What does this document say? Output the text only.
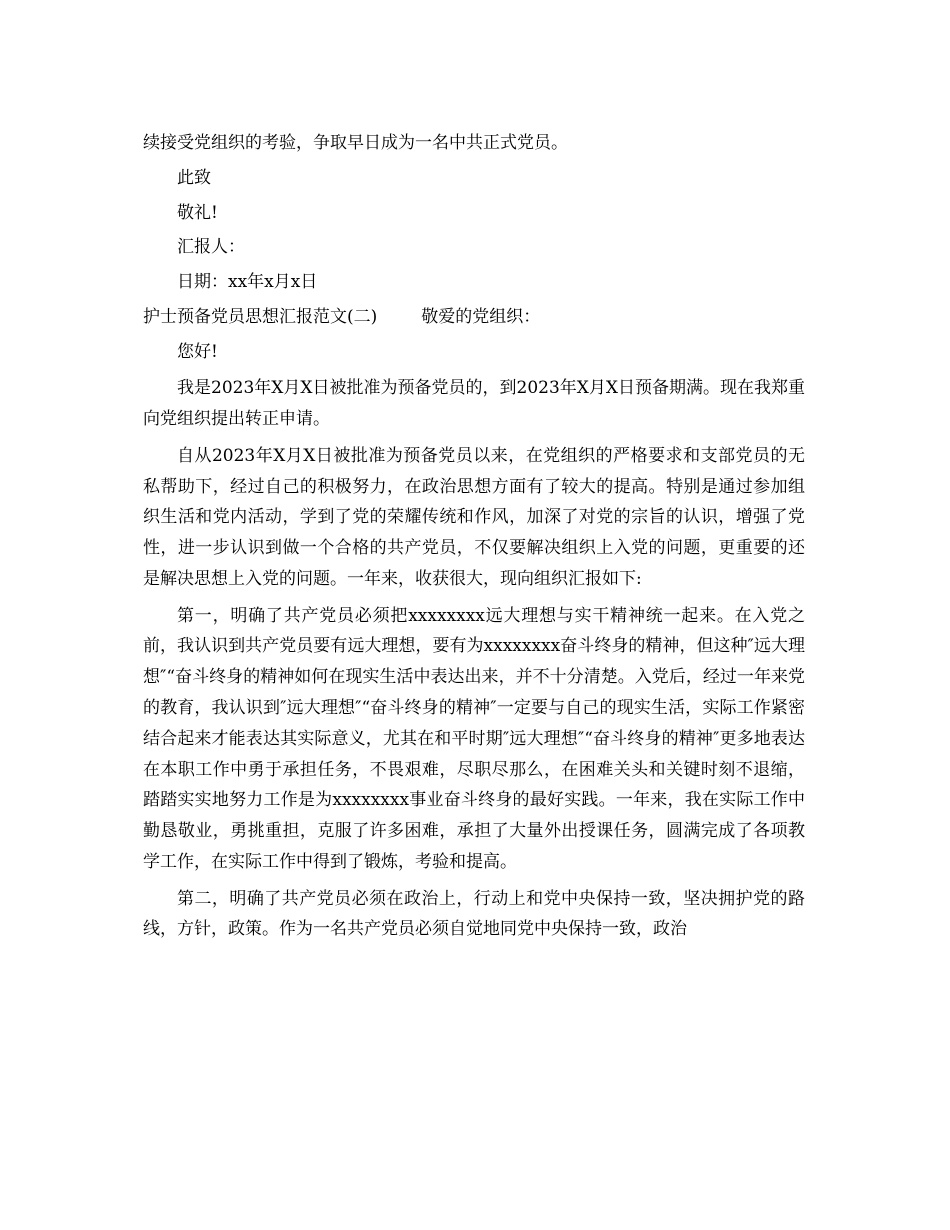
续接受党组织的考验，争取早日成为一名中共正式党员。

此致

敬礼!

汇报人：

日期：xx年x月x日

护士预备党员思想汇报范文(二)	敬爱的党组织：

您好!

我是2023年X月X日被批准为预备党员的，到2023年X月X日预备期满。现在我郑重向党组织提出转正申请。

自从2023年X月X日被批准为预备党员以来，在党组织的严格要求和支部党员的无私帮助下，经过自己的积极努力，在政治思想方面有了较大的提高。特别是通过参加组织生活和党内活动，学到了党的荣耀传统和作风，加深了对党的宗旨的认识，增强了党性，进一步认识到做一个合格的共产党员，不仅要解决组织上入党的问题，更重要的还是解决思想上入党的问题。一年来，收获很大，现向组织汇报如下:

第一，明确了共产党员必须把xxxxxxxx远大理想与实干精神统一起来。在入党之前，我认识到共产党员要有远大理想，要有为xxxxxxxx奋斗终身的精神，但这种″远大理想″“奋斗终身的精神如何在现实生活中表达出来，并不十分清楚。入党后，经过一年来党的教育，我认识到″远大理想″“奋斗终身的精神″一定要与自己的现实生活，实际工作紧密结合起来才能表达其实际意义，尤其在和平时期″远大理想″“奋斗终身的精神″更多地表达在本职工作中勇于承担任务，不畏艰难，尽职尽那么，在困难关头和关键时刻不退缩，踏踏实实地努力工作是为xxxxxxxx事业奋斗终身的最好实践。一年来，我在实际工作中勤恳敬业，勇挑重担，克服了许多困难，承担了大量外出授课任务，圆满完成了各项教学工作，在实际工作中得到了锻炼，考验和提高。

第二，明确了共产党员必须在政治上，行动上和党中央保持一致，坚决拥护党的路线，方针，政策。作为一名共产党员必须自觉地同党中央保持一致，政治
